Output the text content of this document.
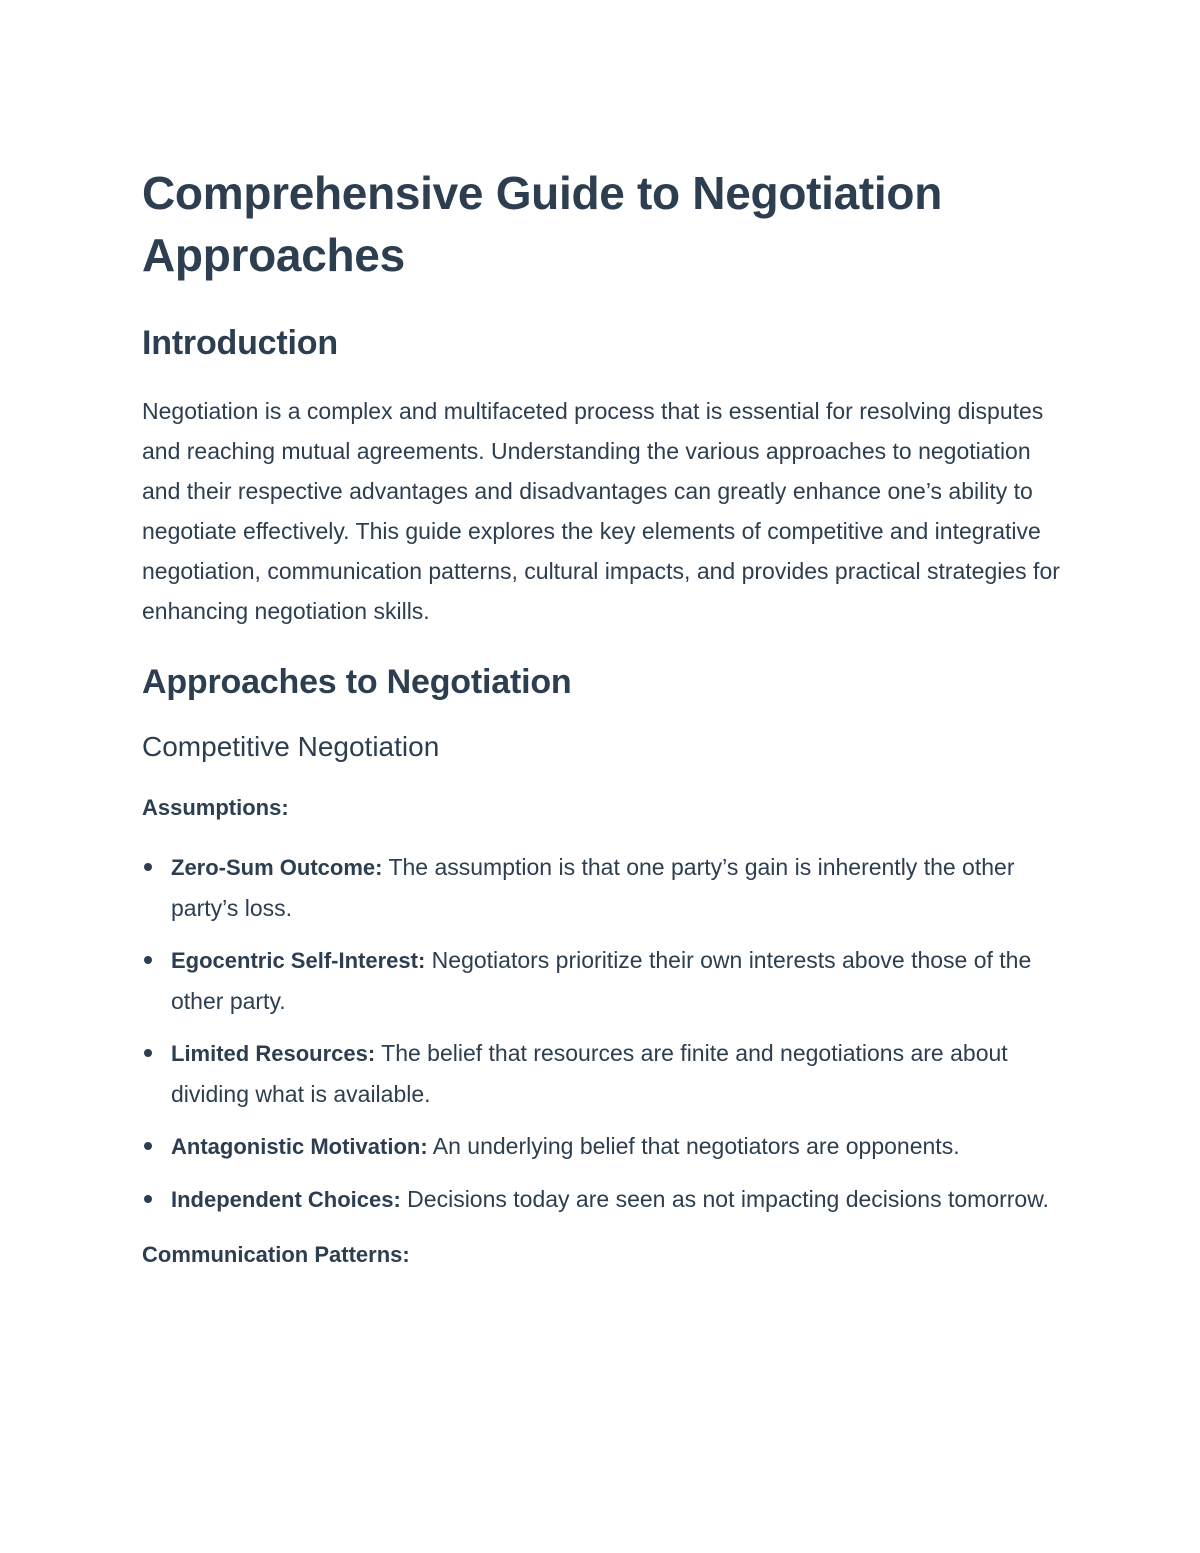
Comprehensive Guide to Negotiation Approaches
Introduction

Negotiation is a complex and multifaceted process that is essential for resolving disputes and reaching mutual agreements. Understanding the various approaches to negotiation and their respective advantages and disadvantages can greatly enhance one’s ability to negotiate effectively. This guide explores the key elements of competitive and integrative negotiation, communication patterns, cultural impacts, and provides practical strategies for enhancing negotiation skills.

Approaches to Negotiation
Competitive Negotiation

Assumptions:

Zero-Sum Outcome: The assumption is that one party’s gain is inherently the other party’s loss.
Egocentric Self-Interest: Negotiators prioritize their own interests above those of the other party.
Limited Resources: The belief that resources are finite and negotiations are about dividing what is available.
Antagonistic Motivation: An underlying belief that negotiators are opponents.
Independent Choices: Decisions today are seen as not impacting decisions tomorrow.

Communication Patterns:
